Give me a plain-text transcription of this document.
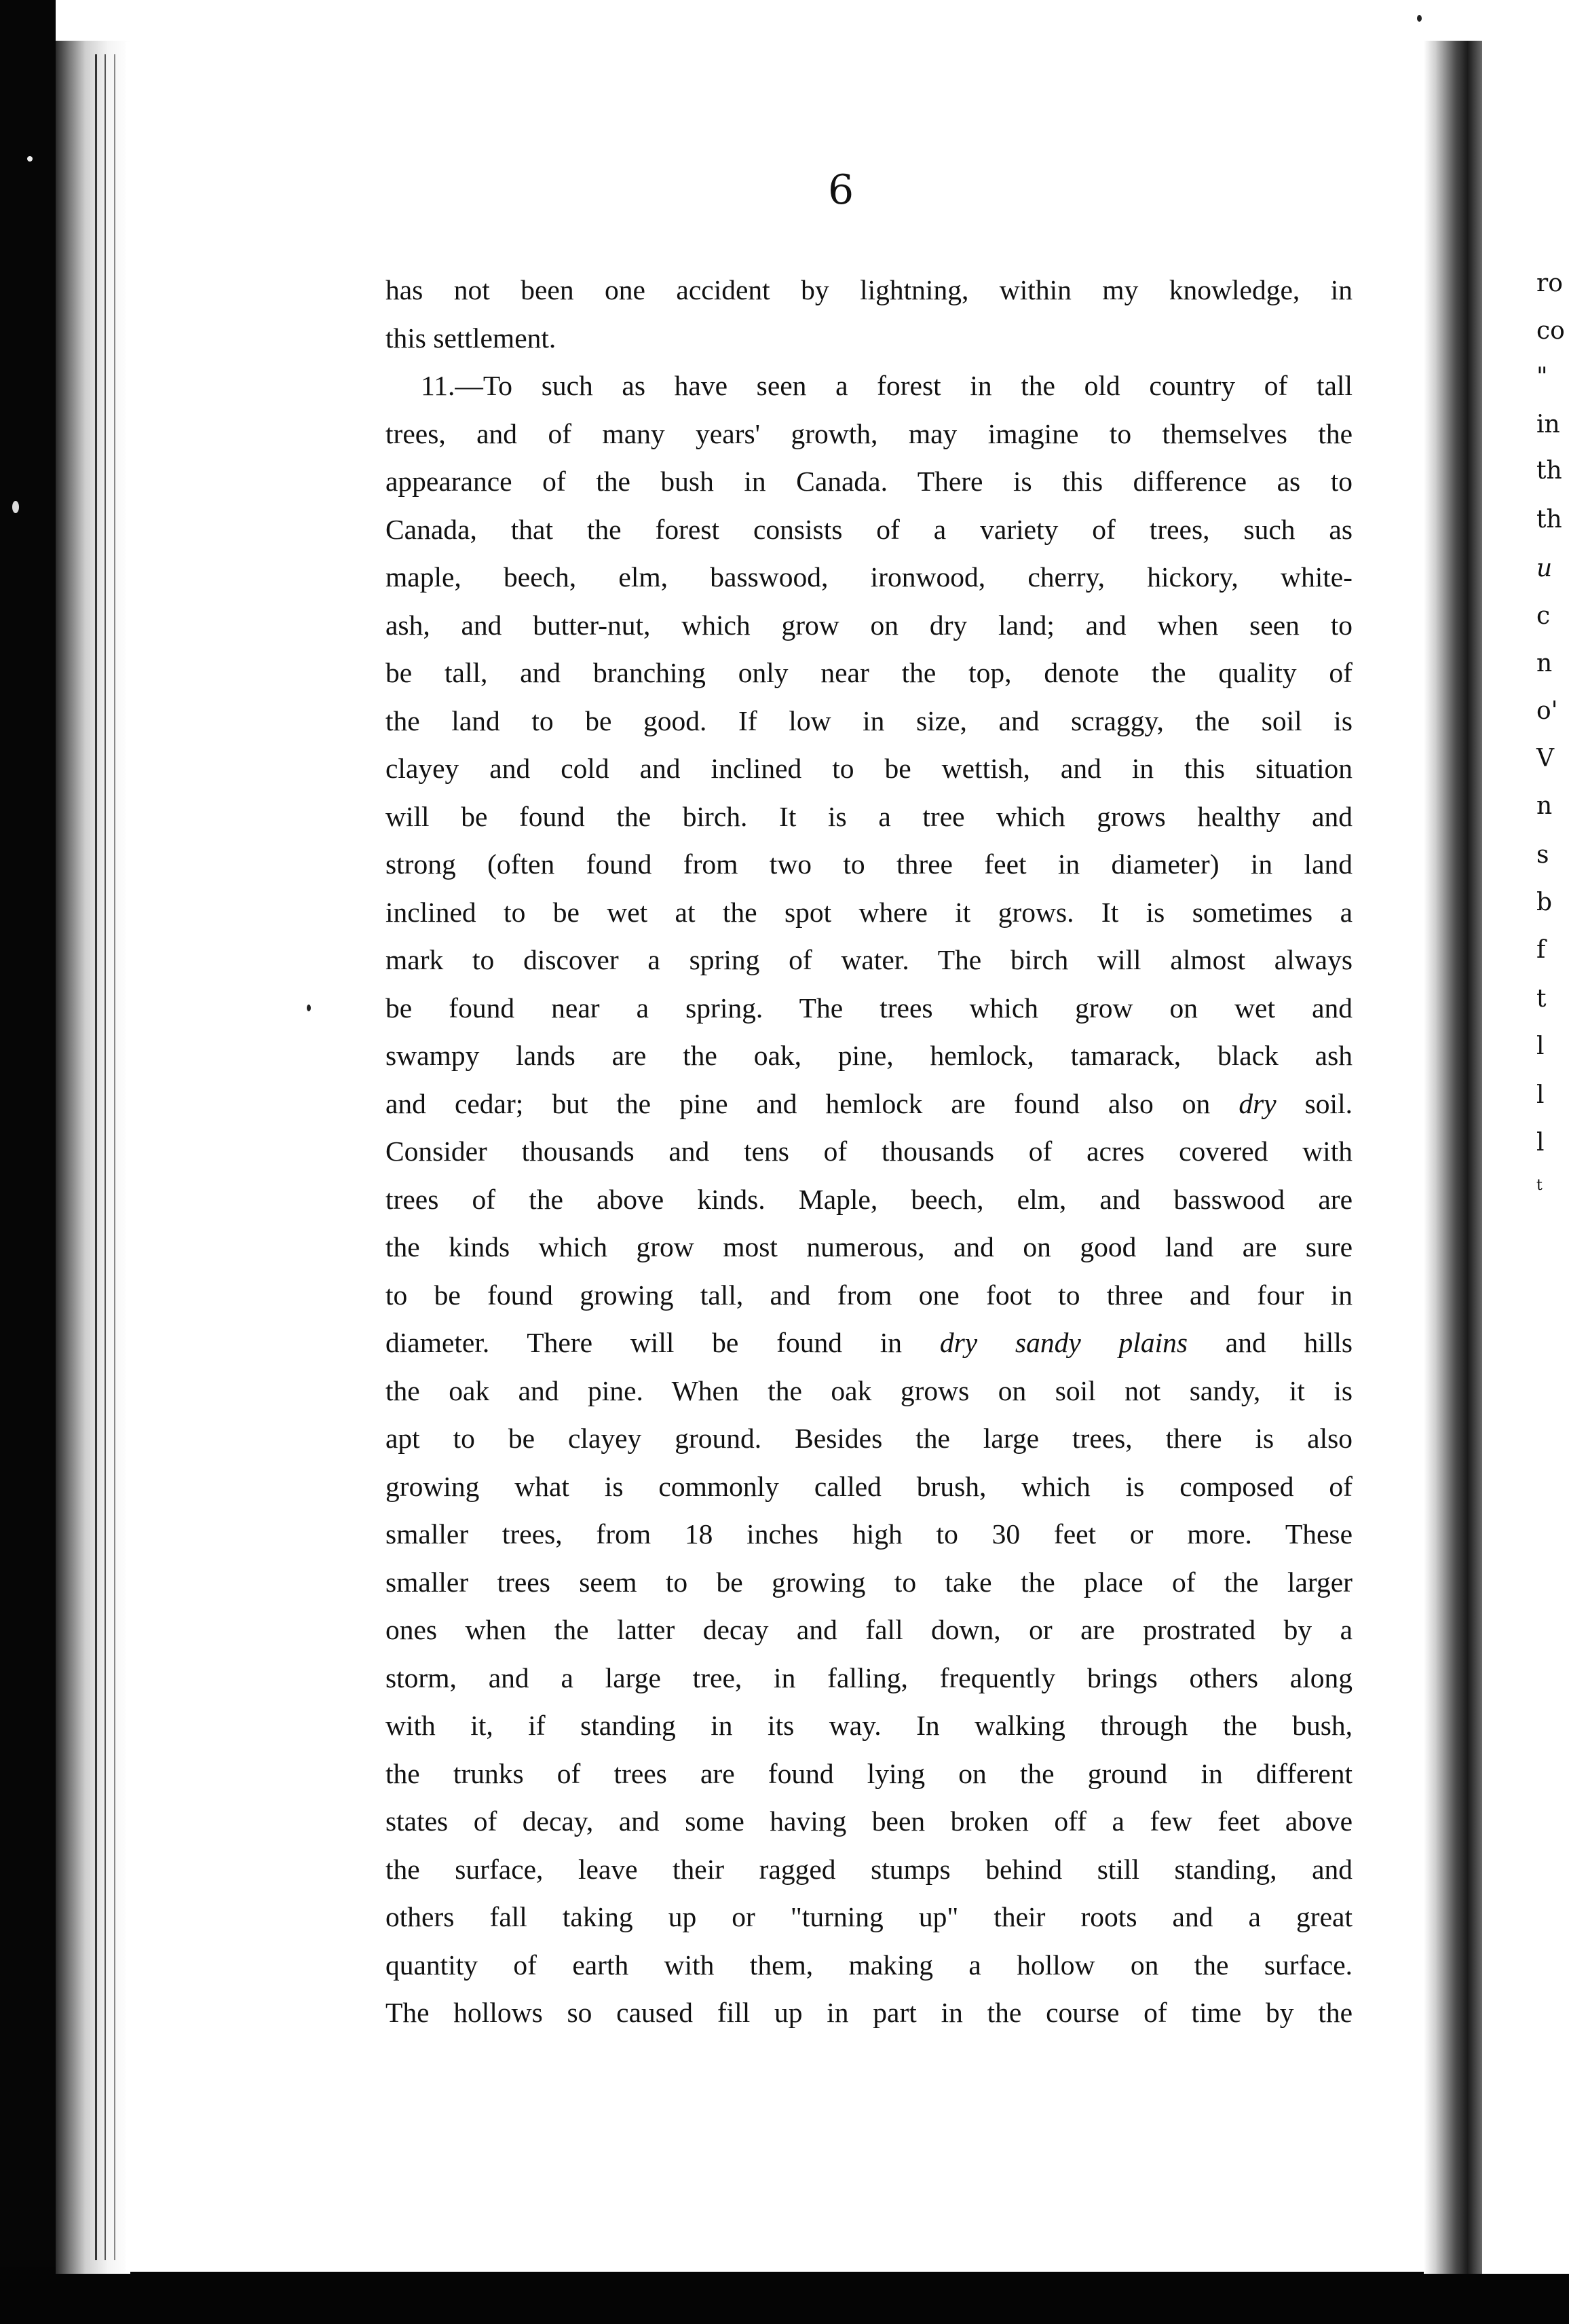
ro
co
"
in
th
th
u
c
n
o'
V
n
s
b
f
t
l
l
l
t
6
has not been one accident by lightning, within my knowledge, in
this settlement.
11.—To such as have seen a forest in the old country of tall
trees, and of many years' growth, may imagine to themselves the
appearance of the bush in Canada. There is this difference as to
Canada, that the forest consists of a variety of trees, such as
maple, beech, elm, basswood, ironwood, cherry, hickory, white-
ash, and butter-nut, which grow on dry land; and when seen to
be tall, and branching only near the top, denote the quality of
the land to be good. If low in size, and scraggy, the soil is
clayey and cold and inclined to be wettish, and in this situation
will be found the birch. It is a tree which grows healthy and
strong (often found from two to three feet in diameter) in land
inclined to be wet at the spot where it grows. It is sometimes a
mark to discover a spring of water. The birch will almost always
be found near a spring. The trees which grow on wet and
swampy lands are the oak, pine, hemlock, tamarack, black ash
and cedar; but the pine and hemlock are found also on dry soil.
Consider thousands and tens of thousands of acres covered with
trees of the above kinds. Maple, beech, elm, and basswood are
the kinds which grow most numerous, and on good land are sure
to be found growing tall, and from one foot to three and four in
diameter. There will be found in dry sandy plains and hills
the oak and pine. When the oak grows on soil not sandy, it is
apt to be clayey ground. Besides the large trees, there is also
growing what is commonly called brush, which is composed of
smaller trees, from 18 inches high to 30 feet or more. These
smaller trees seem to be growing to take the place of the larger
ones when the latter decay and fall down, or are prostrated by a
storm, and a large tree, in falling, frequently brings others along
with it, if standing in its way. In walking through the bush,
the trunks of trees are found lying on the ground in different
states of decay, and some having been broken off a few feet above
the surface, leave their ragged stumps behind still standing, and
others fall taking up or "turning up" their roots and a great
quantity of earth with them, making a hollow on the surface.
The hollows so caused fill up in part in the course of time by the
